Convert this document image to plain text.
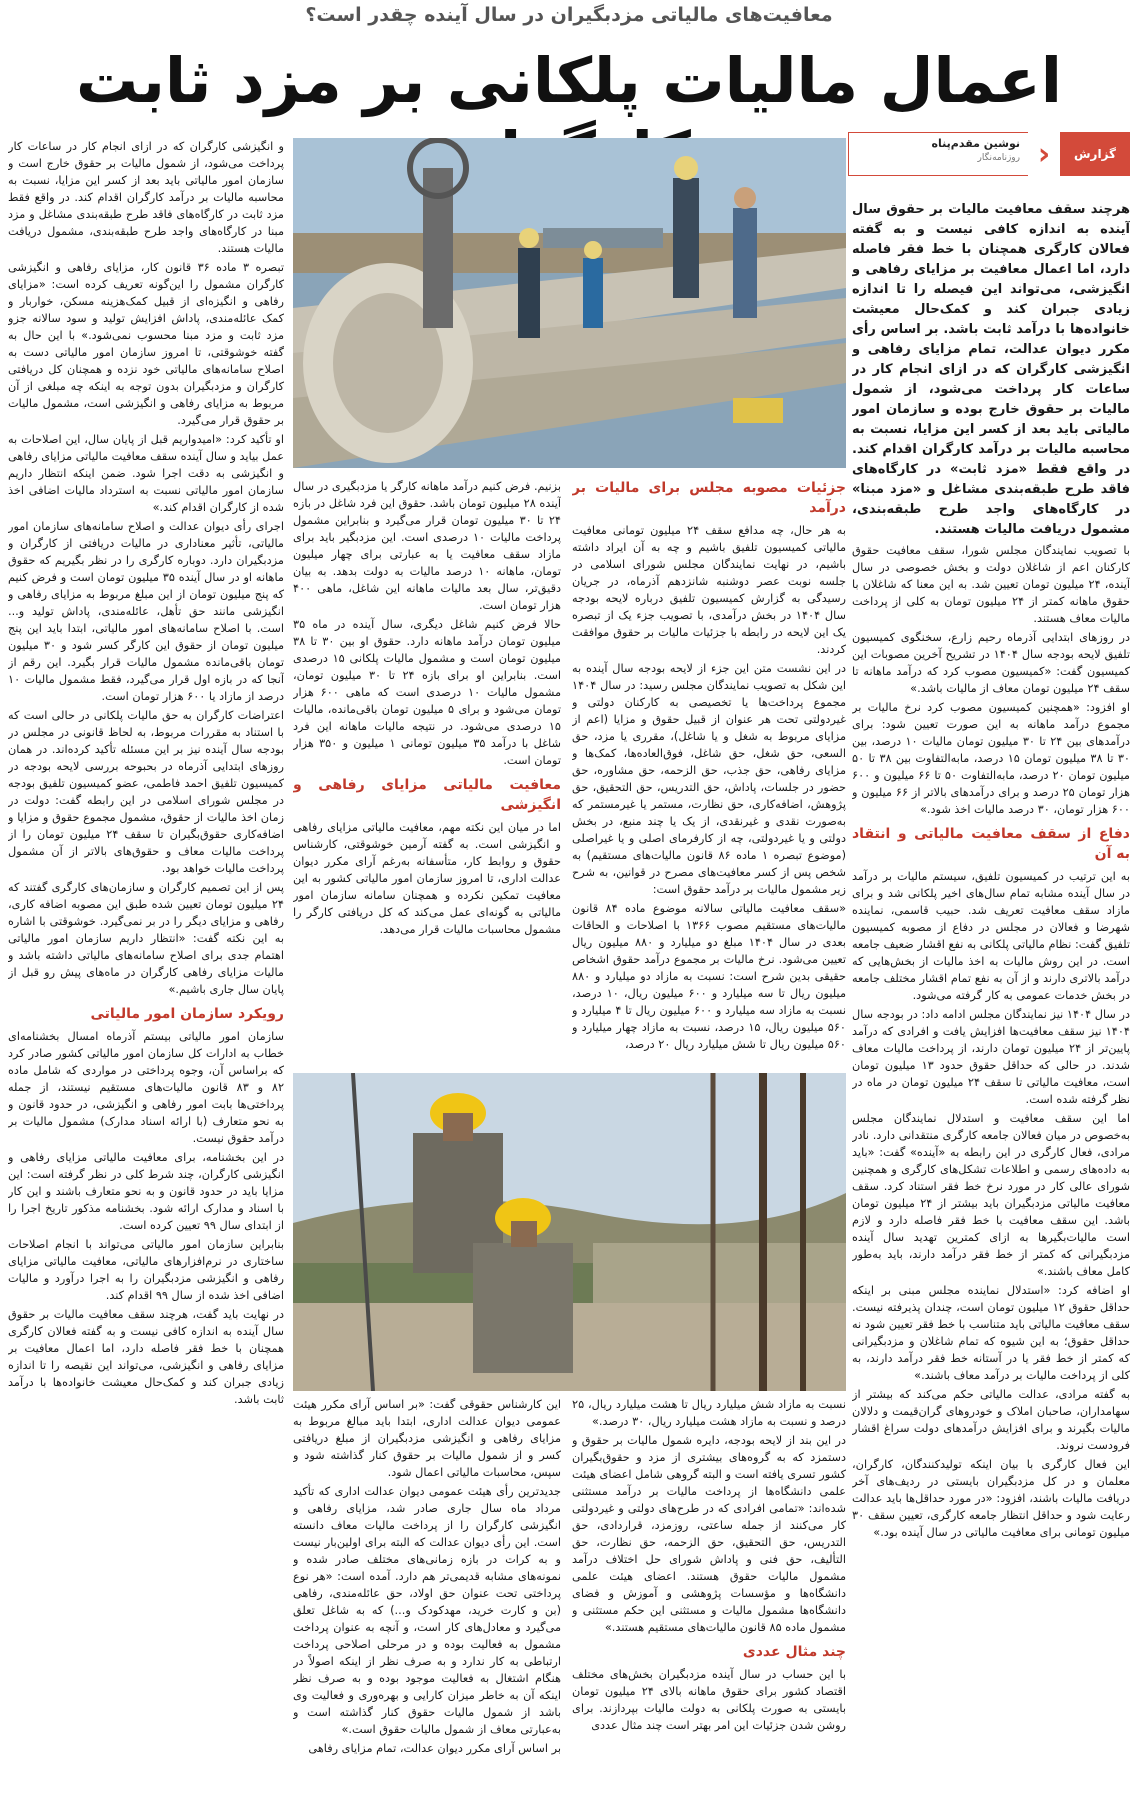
معافیت‌های مالیاتی مزدبگیران در سال آینده چقدر است؟
اعمال مالیات پلکانی بر مزد ثابت
گزارش
‹
نوشین مقدم‌پناه
روزنامه‌نگار

هرچند سقف معافیت مالیات بر حقوق سال آینده به اندازه کافی نیست و به گفته فعالان کارگری همچنان با خط فقر فاصله دارد، اما اعمال معافیت بر مزایای رفاهی و انگیزشی، می‌تواند این فیصله را تا اندازه زیادی جبران کند و کمک‌حال معیشت خانواده‌ها با درآمد ثابت باشد. بر اساس رأی مکرر دیوان عدالت، تمام مزایای رفاهی و انگیزشی کارگران که در ازای انجام کار در ساعات کار پرداخت می‌شود، از شمول مالیات بر حقوق خارج بوده و سازمان امور مالیاتی باید بعد از کسر این مزایا، نسبت به محاسبه مالیات بر درآمد کارگران اقدام کند. در واقع فقط «مزد ثابت» در کارگاه‌های فاقد طرح طبقه‌بندی مشاغل و «مزد مبنا» در کارگاه‌های واجد طرح طبقه‌بندی، مشمول دریافت مالیات هستند.

با تصویب نمایندگان مجلس شورا، سقف معافیت حقوق کارکنان اعم از شاغلان دولت و بخش خصوصی در سال آینده، ۲۴ میلیون تومان تعیین شد. به این معنا که شاغلان با حقوق ماهانه کمتر از ۲۴ میلیون تومان به کلی از پرداخت مالیات معاف هستند.

در روزهای ابتدایی آذرماه رحیم زارع، سخنگوی کمیسیون تلفیق لایحه بودجه سال ۱۴۰۴ در تشریح آخرین مصوبات این کمیسیون گفت: «کمیسیون مصوب کرد که درآمد ماهانه تا سقف ۲۴ میلیون تومان معاف از مالیات باشد.»

او افزود: «همچنین کمیسیون مصوب کرد نرخ مالیات بر مجموع درآمد ماهانه به این صورت تعیین شود: برای درآمدهای بین ۲۴ تا ۳۰ میلیون تومان مالیات ۱۰ درصد، بین ۳۰ تا ۳۸ میلیون تومان ۱۵ درصد، مابه‌التفاوت بین ۳۸ تا ۵۰ میلیون تومان ۲۰ درصد، مابه‌التفاوت ۵۰ تا ۶۶ میلیون و ۶۰۰ هزار تومان ۲۵ درصد و برای درآمدهای بالاتر از ۶۶ میلیون و ۶۰۰ هزار تومان، ۳۰ درصد مالیات اخذ شود.»

دفاع از سقف معافیت مالیاتی و انتقاد به آن

به این ترتیب در کمیسیون تلفیق، سیستم مالیات بر درآمد در سال آینده مشابه تمام سال‌های اخیر پلکانی شد و برای مازاد سقف معافیت تعریف شد. حبیب قاسمی، نماینده شهرضا و فعالان در مجلس در دفاع از مصوبه کمیسیون تلفیق گفت: نظام مالیاتی پلکانی به نفع اقشار ضعیف جامعه است. در این روش مالیات به اخذ مالیات از بخش‌هایی که درآمد بالاتری دارند و از آن به نفع تمام اقشار مختلف جامعه در بخش خدمات عمومی به کار گرفته می‌شود.

در سال ۱۴۰۴ نیز نمایندگان مجلس ادامه داد: در بودجه سال ۱۴۰۴ نیز سقف معافیت‌ها افزایش یافت و افرادی که درآمد پایین‌تر از ۲۴ میلیون تومان دارند، از پرداخت مالیات معاف شدند. در حالی که حداقل حقوق حدود ۱۳ میلیون تومان است، معافیت مالیاتی تا سقف ۲۴ میلیون تومان در ماه در نظر گرفته شده است.

اما این سقف معافیت و استدلال نمایندگان مجلس به‌خصوص در میان فعالان جامعه کارگری منتقدانی دارد. نادر مرادی، فعال کارگری در این رابطه به «آینده» گفت: «باید به داده‌های رسمی و اطلاعات تشکل‌های کارگری و همچنین شورای عالی کار در مورد نرخ خط فقر استناد کرد. سقف معافیت مالیاتی مزدبگیران باید بیشتر از ۲۴ میلیون تومان باشد. این سقف معافیت با خط فقر فاصله دارد و لازم است مالیات‌بگیرها به ازای کمترین تهدید سال آینده مزدبگیرانی که کمتر از خط فقر درآمد دارند، باید به‌طور کامل معاف باشند.»

او اضافه کرد: «استدلال نماینده مجلس مبنی بر اینکه حداقل حقوق ۱۲ میلیون تومان است، چندان پذیرفته نیست. سقف معافیت مالیاتی باید متناسب با خط فقر تعیین شود نه حداقل حقوق؛ به این شیوه که تمام شاغلان و مزدبگیرانی که کمتر از خط فقر یا در آستانه خط فقر درآمد دارند، به کلی از پرداخت مالیات بر درآمد معاف باشند.»

به گفته مرادی، عدالت مالیاتی حکم می‌کند که بیشتر از سهامداران، صاحبان املاک و خودروهای گران‌قیمت و دلالان مالیات بگیرند و برای افزایش درآمدهای دولت سراغ اقشار فرودست نروند.

این فعال کارگری با بیان اینکه تولیدکنندگان، کارگران، معلمان و در کل مزدبگیران بایستی در ردیف‌های آخر دریافت مالیات باشند، افزود: «در مورد حداقل‌ها باید عدالت رعایت شود و حداقل انتظار جامعه کارگری، تعیین سقف ۳۰ میلیون تومانی برای معافیت مالیاتی در سال آینده بود.»

جزئیات مصوبه مجلس برای مالیات بر درآمد

به هر حال، چه مدافع سقف ۲۴ میلیون تومانی معافیت مالیاتی کمیسیون تلفیق باشیم و چه به آن ایراد داشته باشیم، در نهایت نمایندگان مجلس شورای اسلامی در جلسه نوبت عصر دوشنبه شانزدهم آذرماه، در جریان رسیدگی به گزارش کمیسیون تلفیق درباره لایحه بودجه سال ۱۴۰۴ در بخش درآمدی، با تصویب جزء یک از تبصره یک این لایحه در رابطه با جزئیات مالیات بر حقوق موافقت کردند.

در این نشست متن این جزء از لایحه بودجه سال آینده به این شکل به تصویب نمایندگان مجلس رسید: در سال ۱۴۰۴ مجموع پرداخت‌ها یا تخصیصی به کارکنان دولتی و غیردولتی تحت هر عنوان از قبیل حقوق و مزایا (اعم از مزایای مربوط به شغل و یا شاغل)، مقرری یا مزد، حق السعی، حق شغل، حق شاغل، فوق‌العاده‌ها، کمک‌ها و مزایای رفاهی، حق جذب، حق الزحمه، حق مشاوره، حق حضور در جلسات، پاداش، حق التدریس، حق التحقیق، حق پژوهش، اضافه‌کاری، حق نظارت، مستمر یا غیرمستمر که به‌صورت نقدی و غیرنقدی، از یک یا چند منبع، در بخش دولتی و یا غیردولتی، چه از کارفرمای اصلی و یا غیراصلی (موضوع تبصره ۱ ماده ۸۶ قانون مالیات‌های مستقیم) به شخص پس از کسر معافیت‌های مصرح در قوانین، به شرح زیر مشمول مالیات بر درآمد حقوق است:

«سقف معافیت مالیاتی سالانه موضوع ماده ۸۴ قانون مالیات‌های مستقیم مصوب ۱۳۶۶ با اصلاحات و الحاقات بعدی در سال ۱۴۰۴ مبلغ دو میلیارد و ۸۸۰ میلیون ریال تعیین می‌شود. نرخ مالیات بر مجموع درآمد حقوق اشخاص حقیقی بدین شرح است: نسبت به مازاد دو میلیارد و ۸۸۰ میلیون ریال تا سه میلیارد و ۶۰۰ میلیون ریال، ۱۰ درصد، نسبت به مازاد سه میلیارد و ۶۰۰ میلیون ریال تا ۴ میلیارد و ۵۶۰ میلیون ریال، ۱۵ درصد، نسبت به مازاد چهار میلیارد و ۵۶۰ میلیون ریال تا شش میلیارد ریال ۲۰ درصد،

بزنیم. فرض کنیم درآمد ماهانه کارگر یا مزدبگیری در سال آینده ۲۸ میلیون تومان باشد. حقوق این فرد شاغل در بازه ۲۴ تا ۳۰ میلیون تومان قرار می‌گیرد و بنابراین مشمول پرداخت مالیات ۱۰ درصدی است. این مزدبگیر باید برای مازاد سقف معافیت یا به عبارتی برای چهار میلیون تومان، ماهانه ۱۰ درصد مالیات به دولت بدهد. به بیان دقیق‌تر، سال بعد مالیات ماهانه این شاغل، ماهی ۴۰۰ هزار تومان است.

حالا فرض کنیم شاغل دیگری، سال آینده در ماه ۳۵ میلیون تومان درآمد ماهانه دارد. حقوق او بین ۳۰ تا ۳۸ میلیون تومان است و مشمول مالیات پلکانی ۱۵ درصدی است. بنابراین او برای بازه ۲۴ تا ۳۰ میلیون تومان، مشمول مالیات ۱۰ درصدی است که ماهی ۶۰۰ هزار تومان می‌شود و برای ۵ میلیون تومان باقی‌مانده، مالیات ۱۵ درصدی می‌شود. در نتیجه مالیات ماهانه این فرد شاغل با درآمد ۳۵ میلیون تومانی ۱ میلیون و ۳۵۰ هزار تومان است.

معافیت مالیاتی مزایای رفاهی و انگیزشی

اما در میان این نکته مهم، معافیت مالیاتی مزایای رفاهی و انگیزشی است. به گفته آرمین خوشوقتی، کارشناس حقوق و روابط کار، متأسفانه به‌رغم آرای مکرر دیوان عدالت اداری، تا امروز سازمان امور مالیاتی کشور به این معافیت تمکین نکرده و همچنان سامانه سازمان امور مالیاتی به گونه‌ای عمل می‌کند که کل دریافتی کارگر را مشمول محاسبات مالیات قرار می‌دهد.

و انگیزشی کارگران که در ازای انجام کار در ساعات کار پرداخت می‌شود، از شمول مالیات بر حقوق خارج است و سازمان امور مالیاتی باید بعد از کسر این مزایا، نسبت به محاسبه مالیات بر درآمد کارگران اقدام کند. در واقع فقط مزد ثابت در کارگاه‌های فاقد طرح طبقه‌بندی مشاغل و مزد مبنا در کارگاه‌های واجد طرح طبقه‌بندی، مشمول دریافت مالیات هستند.

تبصره ۳ ماده ۳۶ قانون کار، مزایای رفاهی و انگیزشی کارگران مشمول را این‌گونه تعریف کرده است: «مزایای رفاهی و انگیزه‌ای از قبیل کمک‌هزینه مسکن، خواربار و کمک عائله‌مندی، پاداش افزایش تولید و سود سالانه جزو مزد ثابت و مزد مبنا محسوب نمی‌شود.» با این حال به گفته خوشوقتی، تا امروز سازمان امور مالیاتی دست به اصلاح سامانه‌های مالیاتی خود نزده و همچنان کل دریافتی کارگران و مزدبگیران بدون توجه به اینکه چه مبلغی از آن مربوط به مزایای رفاهی و انگیزشی است، مشمول مالیات بر حقوق قرار می‌گیرد.

او تأکید کرد: «امیدواریم قبل از پایان سال، این اصلاحات به عمل بیاید و سال آینده سقف معافیت مالیاتی مزایای رفاهی و انگیزشی به دقت اجرا شود. ضمن اینکه انتظار داریم سازمان امور مالیاتی نسبت به استرداد مالیات اضافی اخذ شده از کارگران اقدام کند.»

اجرای رأی دیوان عدالت و اصلاح سامانه‌های سازمان امور مالیاتی، تأثیر معناداری در مالیات دریافتی از کارگران و مزدبگیران دارد. دوباره کارگری را در نظر بگیریم که حقوق ماهانه او در سال آینده ۳۵ میلیون تومان است و فرض کنیم که پنج میلیون تومان از این مبلغ مربوط به مزایای رفاهی و انگیزشی مانند حق تأهل، عائله‌مندی، پاداش تولید و... است. با اصلاح سامانه‌های امور مالیاتی، ابتدا باید این پنج میلیون تومان از حقوق این کارگر کسر شود و ۳۰ میلیون تومان باقی‌مانده مشمول مالیات قرار بگیرد. این رقم از آنجا که در بازه اول قرار می‌گیرد، فقط مشمول مالیات ۱۰ درصد از مازاد یا ۶۰۰ هزار تومان است.

اعتراضات کارگران به حق مالیات پلکانی در حالی است که با استناد به مقررات مربوط، به لحاظ قانونی در مجلس در بودجه سال آینده نیز بر این مسئله تأکید کرده‌اند. در همان روزهای ابتدایی آذرماه در بحبوحه بررسی لایحه بودجه در کمیسیون تلفیق احمد فاطمی، عضو کمیسیون تلفیق بودجه در مجلس شورای اسلامی در این رابطه گفت: دولت در زمان اخذ مالیات از حقوق، مشمول مجموع حقوق و مزایا و اضافه‌کاری حقوق‌بگیران تا سقف ۲۴ میلیون تومان را از پرداخت مالیات معاف و حقوق‌های بالاتر از آن مشمول پرداخت مالیات خواهد بود.

پس از این تصمیم کارگران و سازمان‌های کارگری گفتند که ۲۴ میلیون تومان تعیین شده طبق این مصوبه اضافه کاری، رفاهی و مزایای دیگر را در بر نمی‌گیرد. خوشوقتی با اشاره به این نکته گفت: «انتظار داریم سازمان امور مالیاتی اهتمام جدی برای اصلاح سامانه‌های مالیاتی داشته باشد و مالیات مزایای رفاهی کارگران در ماه‌های پیش رو قبل از پایان سال جاری باشیم.»

رویکرد سازمان امور مالیاتی

سازمان امور مالیاتی بیستم آذرماه امسال بخشنامه‌ای خطاب به ادارات کل سازمان امور مالیاتی کشور صادر کرد که براساس آن، وجوه پرداختی در مواردی که شامل ماده ۸۲ و ۸۳ قانون مالیات‌های مستقیم نیستند، از جمله پرداختی‌ها بابت امور رفاهی و انگیزشی، در حدود قانون و به نحو متعارف (با ارائه اسناد مدارک) مشمول مالیات بر درآمد حقوق نیست.

در این بخشنامه، برای معافیت مالیاتی مزایای رفاهی و انگیزشی کارگران، چند شرط کلی در نظر گرفته است: این مزایا باید در حدود قانون و به نحو متعارف باشند و این کار با اسناد و مدارک ارائه شود. بخشنامه مذکور تاریخ اجرا را از ابتدای سال ۹۹ تعیین کرده است.

بنابراین سازمان امور مالیاتی می‌تواند با انجام اصلاحات ساختاری در نرم‌افزارهای مالیاتی، معافیت مالیاتی مزایای رفاهی و انگیزشی مزدبگیران را به اجرا درآورد و مالیات اضافی اخذ شده از سال ۹۹ اقدام کند.

در نهایت باید گفت، هرچند سقف معافیت مالیات بر حقوق سال آینده به اندازه کافی نیست و به گفته فعالان کارگری همچنان با خط فقر فاصله دارد، اما اعمال معافیت بر مزایای رفاهی و انگیزشی، می‌تواند این نقیصه را تا اندازه زیادی جبران کند و کمک‌حال معیشت خانواده‌ها با درآمد ثابت باشد.	نسبت به مازاد شش میلیارد ریال تا هشت میلیارد ریال، ۲۵ درصد و نسبت به مازاد هشت میلیارد ریال، ۳۰ درصد.»

در این بند از لایحه بودجه، دایره شمول مالیات بر حقوق و دستمزد که به گروه‌های بیشتری از مزد و حقوق‌بگیران کشور تسری یافته است و البته گروهی شامل اعضای هیئت علمی دانشگاه‌ها از پرداخت مالیات بر درآمد مستثنی شده‌اند: «تمامی افرادی که در طرح‌های دولتی و غیردولتی کار می‌کنند از جمله ساعتی، روزمزد، قراردادی، حق التدریس، حق التحقیق، حق الزحمه، حق نظارت، حق التألیف، حق فنی و پاداش شورای حل اختلاف درآمد مشمول مالیات حقوق هستند. اعضای هیئت علمی دانشگاه‌ها و مؤسسات پژوهشی و آموزش و فضای دانشگاه‌ها مشمول مالیات و مستثنی این حکم مستثنی و مشمول ماده ۸۵ قانون مالیات‌های مستقیم هستند.»

چند مثال عددی

با این حساب در سال آینده مزدبگیران بخش‌های مختلف اقتصاد کشور برای حقوق ماهانه بالای ۲۴ میلیون تومان بایستی به صورت پلکانی به دولت مالیات بپردازند. برای روشن شدن جزئیات این امر بهتر است چند مثال عددی

این کارشناس حقوقی گفت: «بر اساس آرای مکرر هیئت عمومی دیوان عدالت اداری، ابتدا باید مبالغ مربوط به مزایای رفاهی و انگیزشی مزدبگیران از مبلغ دریافتی کسر و از شمول مالیات بر حقوق کنار گذاشته شود و سپس، محاسبات مالیاتی اعمال شود.

جدیدترین رأی هیئت عمومی دیوان عدالت اداری که تأکید مرداد ماه سال جاری صادر شد، مزایای رفاهی و انگیزشی کارگران را از پرداخت مالیات معاف دانسته است. این رأی دیوان عدالت که البته برای اولین‌بار نیست و به کرات در بازه زمانی‌های مختلف صادر شده و نمونه‌های مشابه قدیمی‌تر هم دارد. آمده است: «هر نوع پرداختی تحت عنوان حق اولاد، حق عائله‌مندی، رفاهی (بن و کارت خرید، مهدکودک و...) که به شاغل تعلق می‌گیرد و معادل‌های کار است، و آنچه به عنوان پرداخت مشمول به فعالیت بوده و در مرحلی اصلاحی پرداخت ارتباطی به کار ندارد و به صرف نظر از اینکه اصولاً در هنگام اشتغال به فعالیت موجود بوده و به صرف نظر اینکه آن به خاطر میزان کارایی و بهره‌وری و فعالیت وی باشد از شمول مالیات حقوق کنار گذاشته است و به‌عبارتی معاف از شمول مالیات حقوق است.»

بر اساس آرای مکرر دیوان عدالت، تمام مزایای رفاهی
